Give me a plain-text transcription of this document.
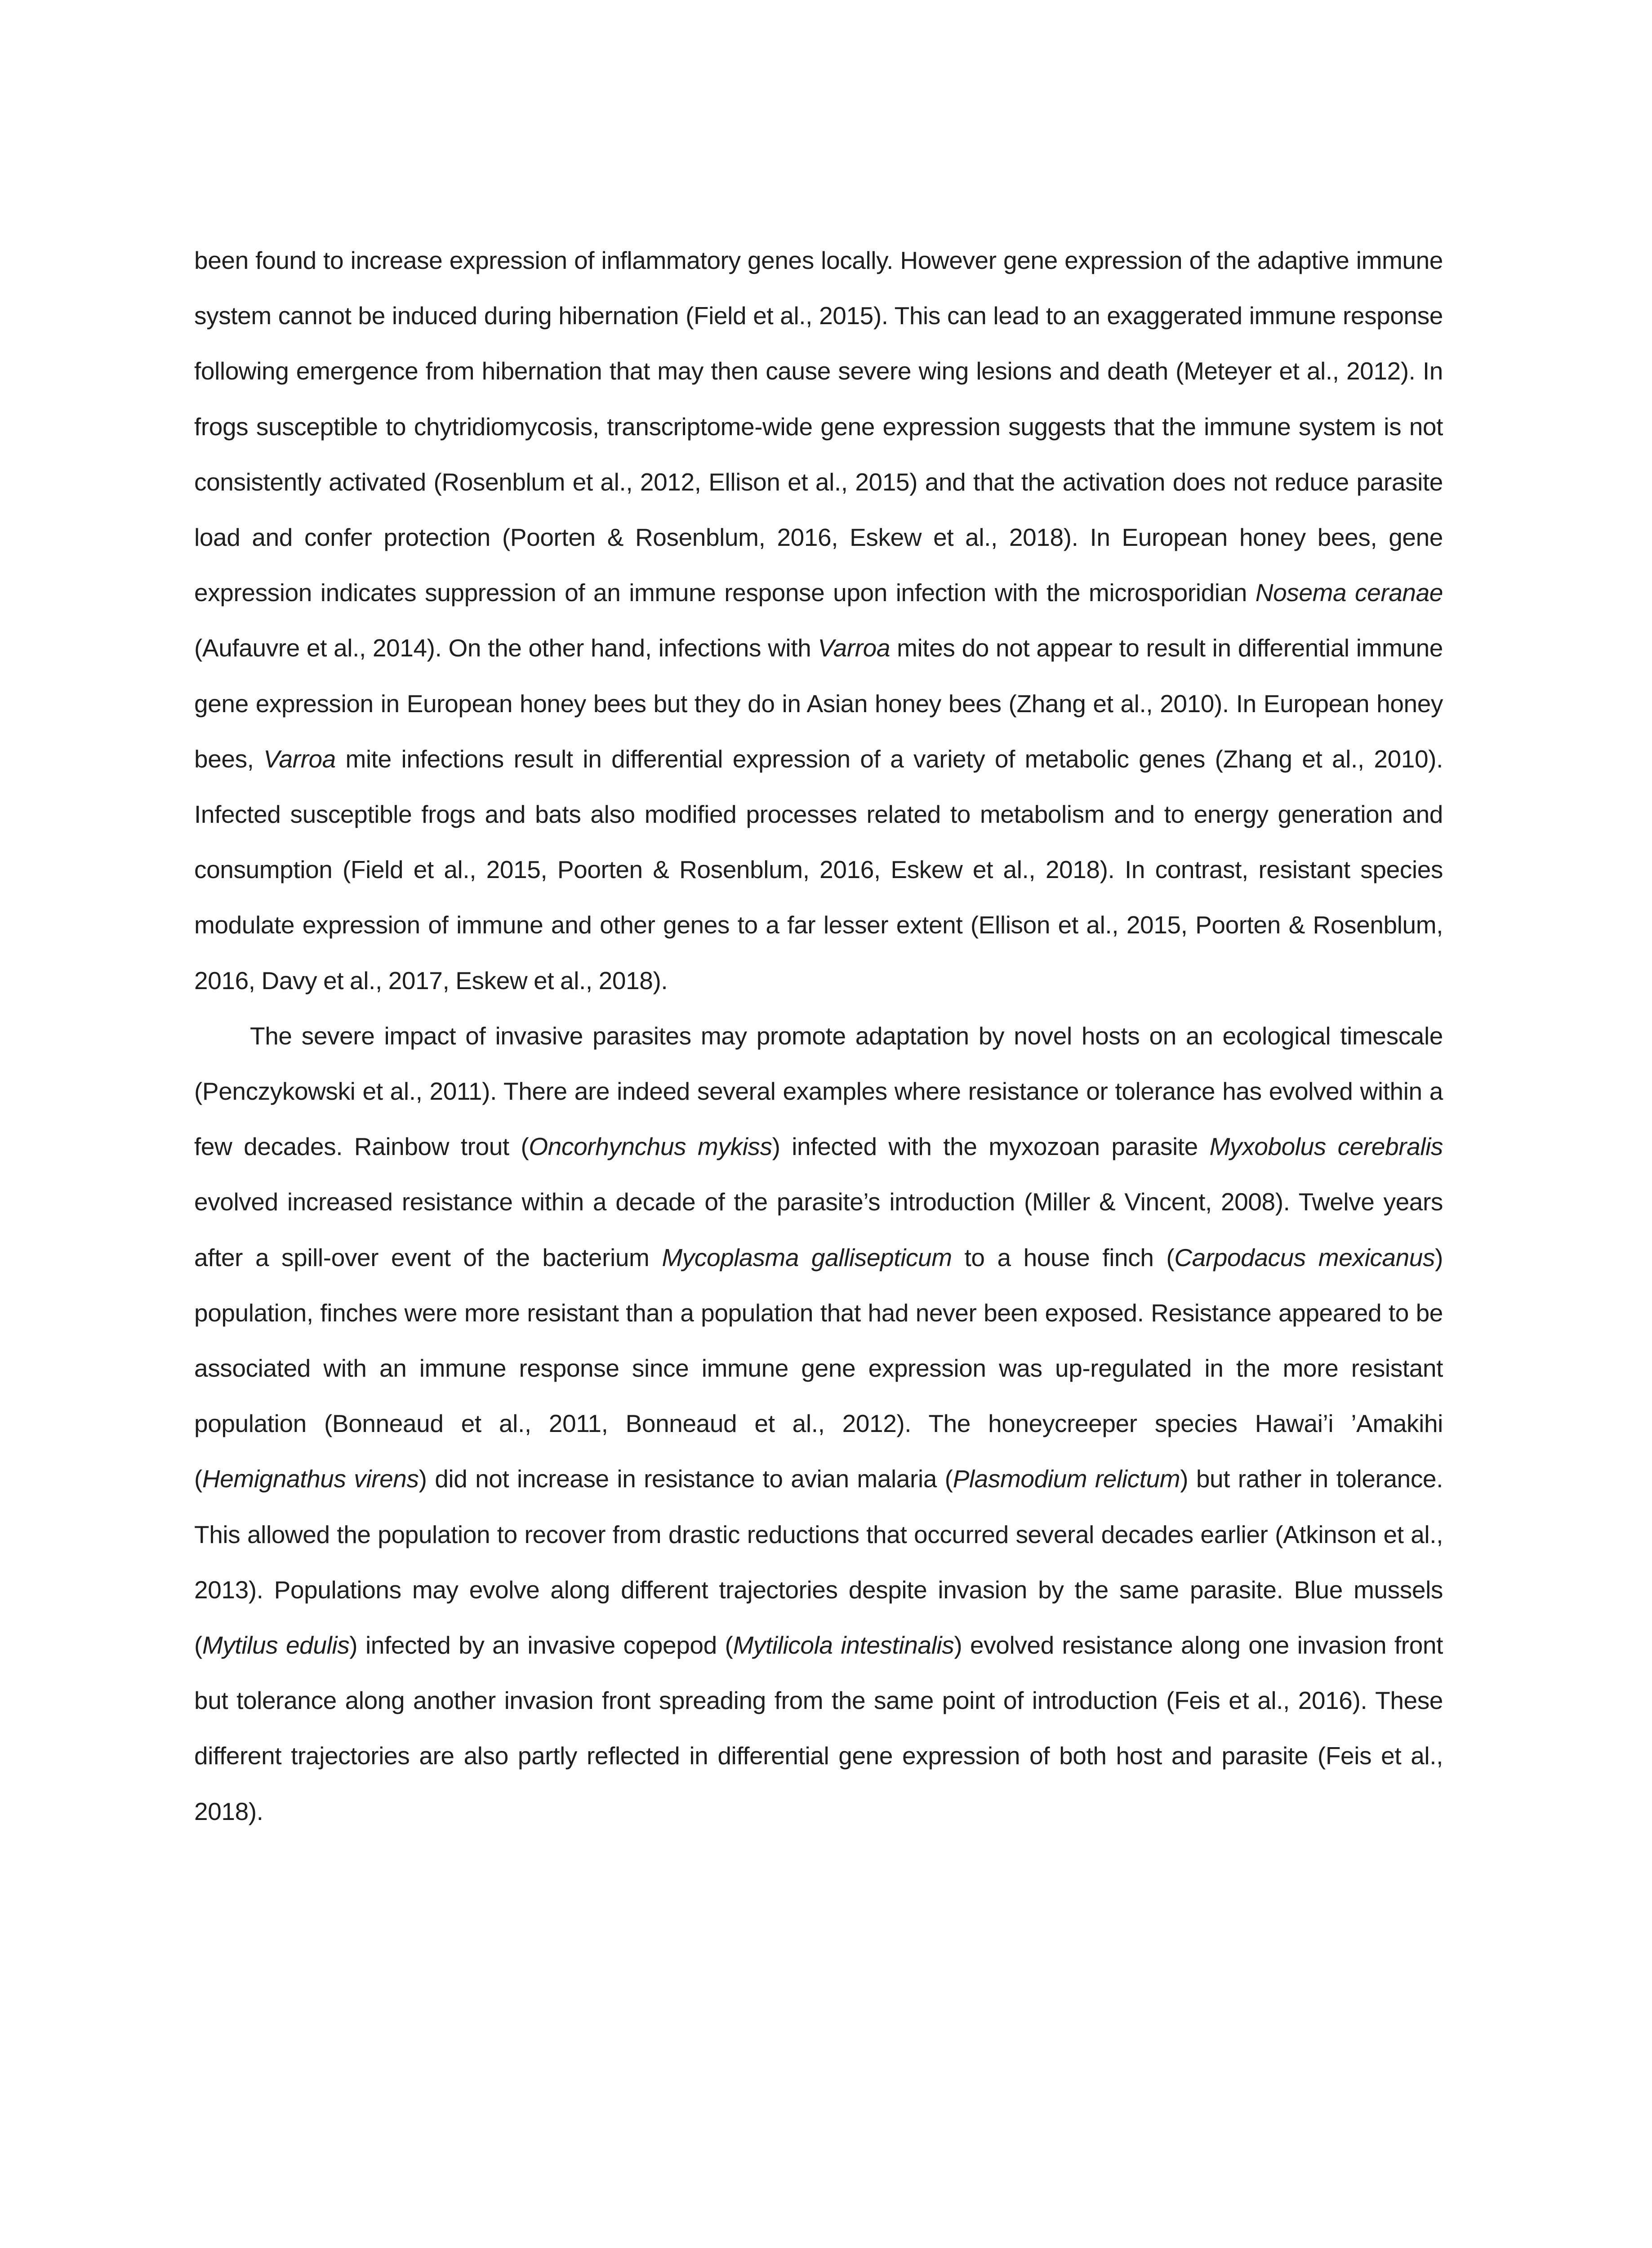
been found to increase expression of inflammatory genes locally. However gene expression of the adaptive immune system cannot be induced during hibernation (Field et al., 2015). This can lead to an exaggerated immune response following emergence from hibernation that may then cause severe wing lesions and death (Meteyer et al., 2012). In frogs susceptible to chytridiomycosis, transcriptome-wide gene expression suggests that the immune system is not consistently activated (Rosenblum et al., 2012, Ellison et al., 2015) and that the activation does not reduce parasite load and confer protection (Poorten & Rosenblum, 2016, Eskew et al., 2018). In European honey bees, gene expression indicates suppression of an immune response upon infection with the microsporidian Nosema ceranae (Aufauvre et al., 2014). On the other hand, infections with Varroa mites do not appear to result in differential immune gene expression in European honey bees but they do in Asian honey bees (Zhang et al., 2010). In European honey bees, Varroa mite infections result in differential expression of a variety of metabolic genes (Zhang et al., 2010). Infected susceptible frogs and bats also modified processes related to metabolism and to energy generation and consumption (Field et al., 2015, Poorten & Rosenblum, 2016, Eskew et al., 2018). In contrast, resistant species modulate expression of immune and other genes to a far lesser extent (Ellison et al., 2015, Poorten & Rosenblum, 2016, Davy et al., 2017, Eskew et al., 2018).

The severe impact of invasive parasites may promote adaptation by novel hosts on an ecological timescale (Penczykowski et al., 2011). There are indeed several examples where resistance or tolerance has evolved within a few decades. Rainbow trout (Oncorhynchus mykiss) infected with the myxozoan parasite Myxobolus cerebralis evolved increased resistance within a decade of the parasite’s introduction (Miller & Vincent, 2008). Twelve years after a spill-over event of the bacterium Mycoplasma gallisepticum to a house finch (Carpodacus mexicanus) population, finches were more resistant than a population that had never been exposed. Resistance appeared to be associated with an immune response since immune gene expression was up-regulated in the more resistant population (Bonneaud et al., 2011, Bonneaud et al., 2012). The honeycreeper species Hawai’i ’Amakihi (Hemignathus virens) did not increase in resistance to avian malaria (Plasmodium relictum) but rather in tolerance. This allowed the population to recover from drastic reductions that occurred several decades earlier (Atkinson et al., 2013). Populations may evolve along different trajectories despite invasion by the same parasite. Blue mussels (Mytilus edulis) infected by an invasive copepod (Mytilicola intestinalis) evolved resistance along one invasion front but tolerance along another invasion front spreading from the same point of introduction (Feis et al., 2016). These different trajectories are also partly reflected in differential gene expression of both host and parasite (Feis et al., 2018).
